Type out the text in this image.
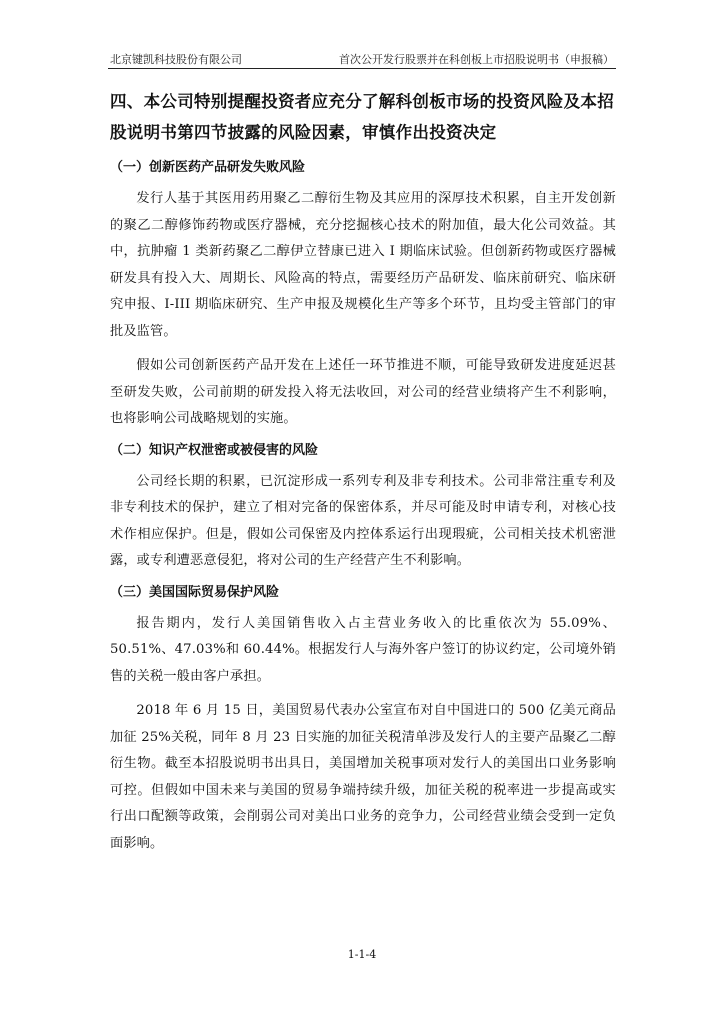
北京键凯科技股份有限公司	首次公开发行股票并在科创板上市招股说明书（申报稿）
四、本公司特别提醒投资者应充分了解科创板市场的投资风险及本招股说明书第四节披露的风险因素，审慎作出投资决定
（一）创新医药产品研发失败风险

发行人基于其医用药用聚乙二醇衍生物及其应用的深厚技术积累，自主开发创新的聚乙二醇修饰药物或医疗器械，充分挖掘核心技术的附加值，最大化公司效益。其中，抗肿瘤 1 类新药聚乙二醇伊立替康已进入 I 期临床试验。但创新药物或医疗器械研发具有投入大、周期长、风险高的特点，需要经历产品研发、临床前研究、临床研究申报、I-III 期临床研究、生产申报及规模化生产等多个环节，且均受主管部门的审批及监管。

假如公司创新医药产品开发在上述任一环节推进不顺，可能导致研发进度延迟甚至研发失败，公司前期的研发投入将无法收回，对公司的经营业绩将产生不利影响，也将影响公司战略规划的实施。

（二）知识产权泄密或被侵害的风险

公司经长期的积累，已沉淀形成一系列专利及非专利技术。公司非常注重专利及非专利技术的保护，建立了相对完备的保密体系，并尽可能及时申请专利，对核心技术作相应保护。但是，假如公司保密及内控体系运行出现瑕疵，公司相关技术机密泄露，或专利遭恶意侵犯，将对公司的生产经营产生不利影响。

（三）美国国际贸易保护风险

报告期内，发行人美国销售收入占主营业务收入的比重依次为 55.09%、50.51%、47.03%和 60.44%。根据发行人与海外客户签订的协议约定，公司境外销售的关税一般由客户承担。

2018 年 6 月 15 日，美国贸易代表办公室宣布对自中国进口的 500 亿美元商品加征 25%关税，同年 8 月 23 日实施的加征关税清单涉及发行人的主要产品聚乙二醇衍生物。截至本招股说明书出具日，美国增加关税事项对发行人的美国出口业务影响可控。但假如中国未来与美国的贸易争端持续升级，加征关税的税率进一步提高或实行出口配额等政策，会削弱公司对美出口业务的竞争力，公司经营业绩会受到一定负面影响。

1-1-4
